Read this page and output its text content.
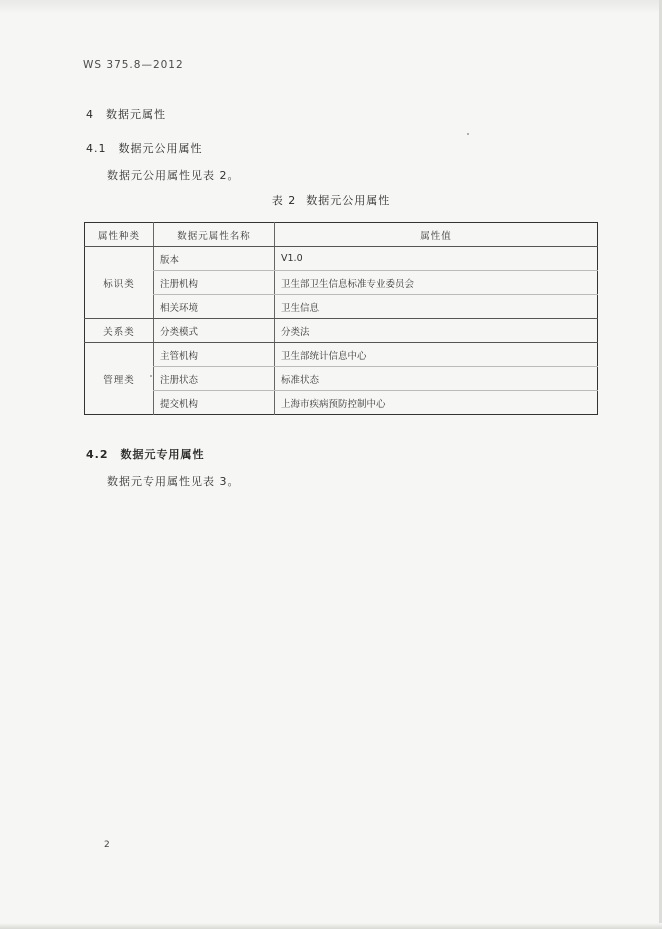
WS 375.8—2012
4 数据元属性
4.1 数据元公用属性
数据元公用属性见表 2。
表 2 数据元公用属性
属性种类	数据元属性名称	属性值
标识类	版本	V1.0
	注册机构	卫生部卫生信息标准专业委员会
	相关环境	卫生信息
关系类	分类模式	分类法
管理类	主管机构	卫生部统计信息中心
	注册状态	标准状态
	提交机构	上海市疾病预防控制中心
4.2 数据元专用属性
数据元专用属性见表 3。
2
